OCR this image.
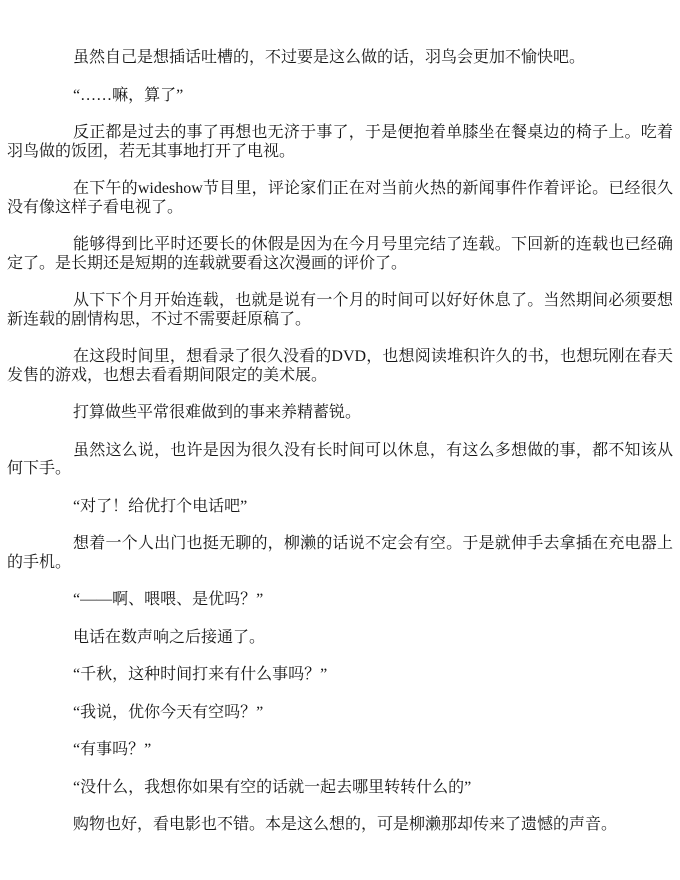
虽然自己是想插话吐槽的，不过要是这么做的话，羽鸟会更加不愉快吧。

“……嘛，算了”

反正都是过去的事了再想也无济于事了，于是便抱着单膝坐在餐桌边的椅子上。吃着羽鸟做的饭团，若无其事地打开了电视。

在下午的wideshow节目里，评论家们正在对当前火热的新闻事件作着评论。已经很久没有像这样子看电视了。

能够得到比平时还要长的休假是因为在今月号里完结了连载。下回新的连载也已经确定了。是长期还是短期的连载就要看这次漫画的评价了。

从下下个月开始连载，也就是说有一个月的时间可以好好休息了。当然期间必须要想新连载的剧情构思，不过不需要赶原稿了。

在这段时间里，想看录了很久没看的DVD，也想阅读堆积许久的书，也想玩刚在春天发售的游戏，也想去看看期间限定的美术展。

打算做些平常很难做到的事来养精蓄锐。

虽然这么说，也许是因为很久没有长时间可以休息，有这么多想做的事，都不知该从何下手。

“对了！给优打个电话吧”

想着一个人出门也挺无聊的，柳濑的话说不定会有空。于是就伸手去拿插在充电器上的手机。

“——啊、喂喂、是优吗？”

电话在数声响之后接通了。

“千秋，这种时间打来有什么事吗？”

“我说，优你今天有空吗？”

“有事吗？”

“没什么，我想你如果有空的话就一起去哪里转转什么的”

购物也好，看电影也不错。本是这么想的，可是柳濑那却传来了遗憾的声音。
